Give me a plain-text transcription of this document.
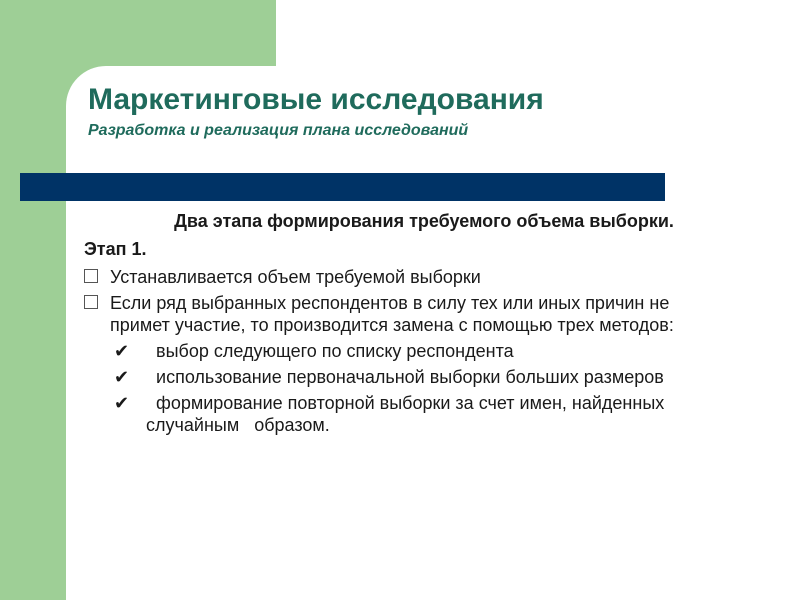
Маркетинговые исследования
Разработка и реализация плана исследований
Два этапа формирования требуемого объема выборки.
Этап 1.
Устанавливается объем требуемой выборки
Если ряд выбранных респондентов в силу тех или иных причин не примет участие, то производится замена с помощью трех методов:
✔ выбор следующего по списку респондента
✔ использование первоначальной выборки больших размеров
✔ формирование повторной выборки за счет имен, найденных случайным   образом.
